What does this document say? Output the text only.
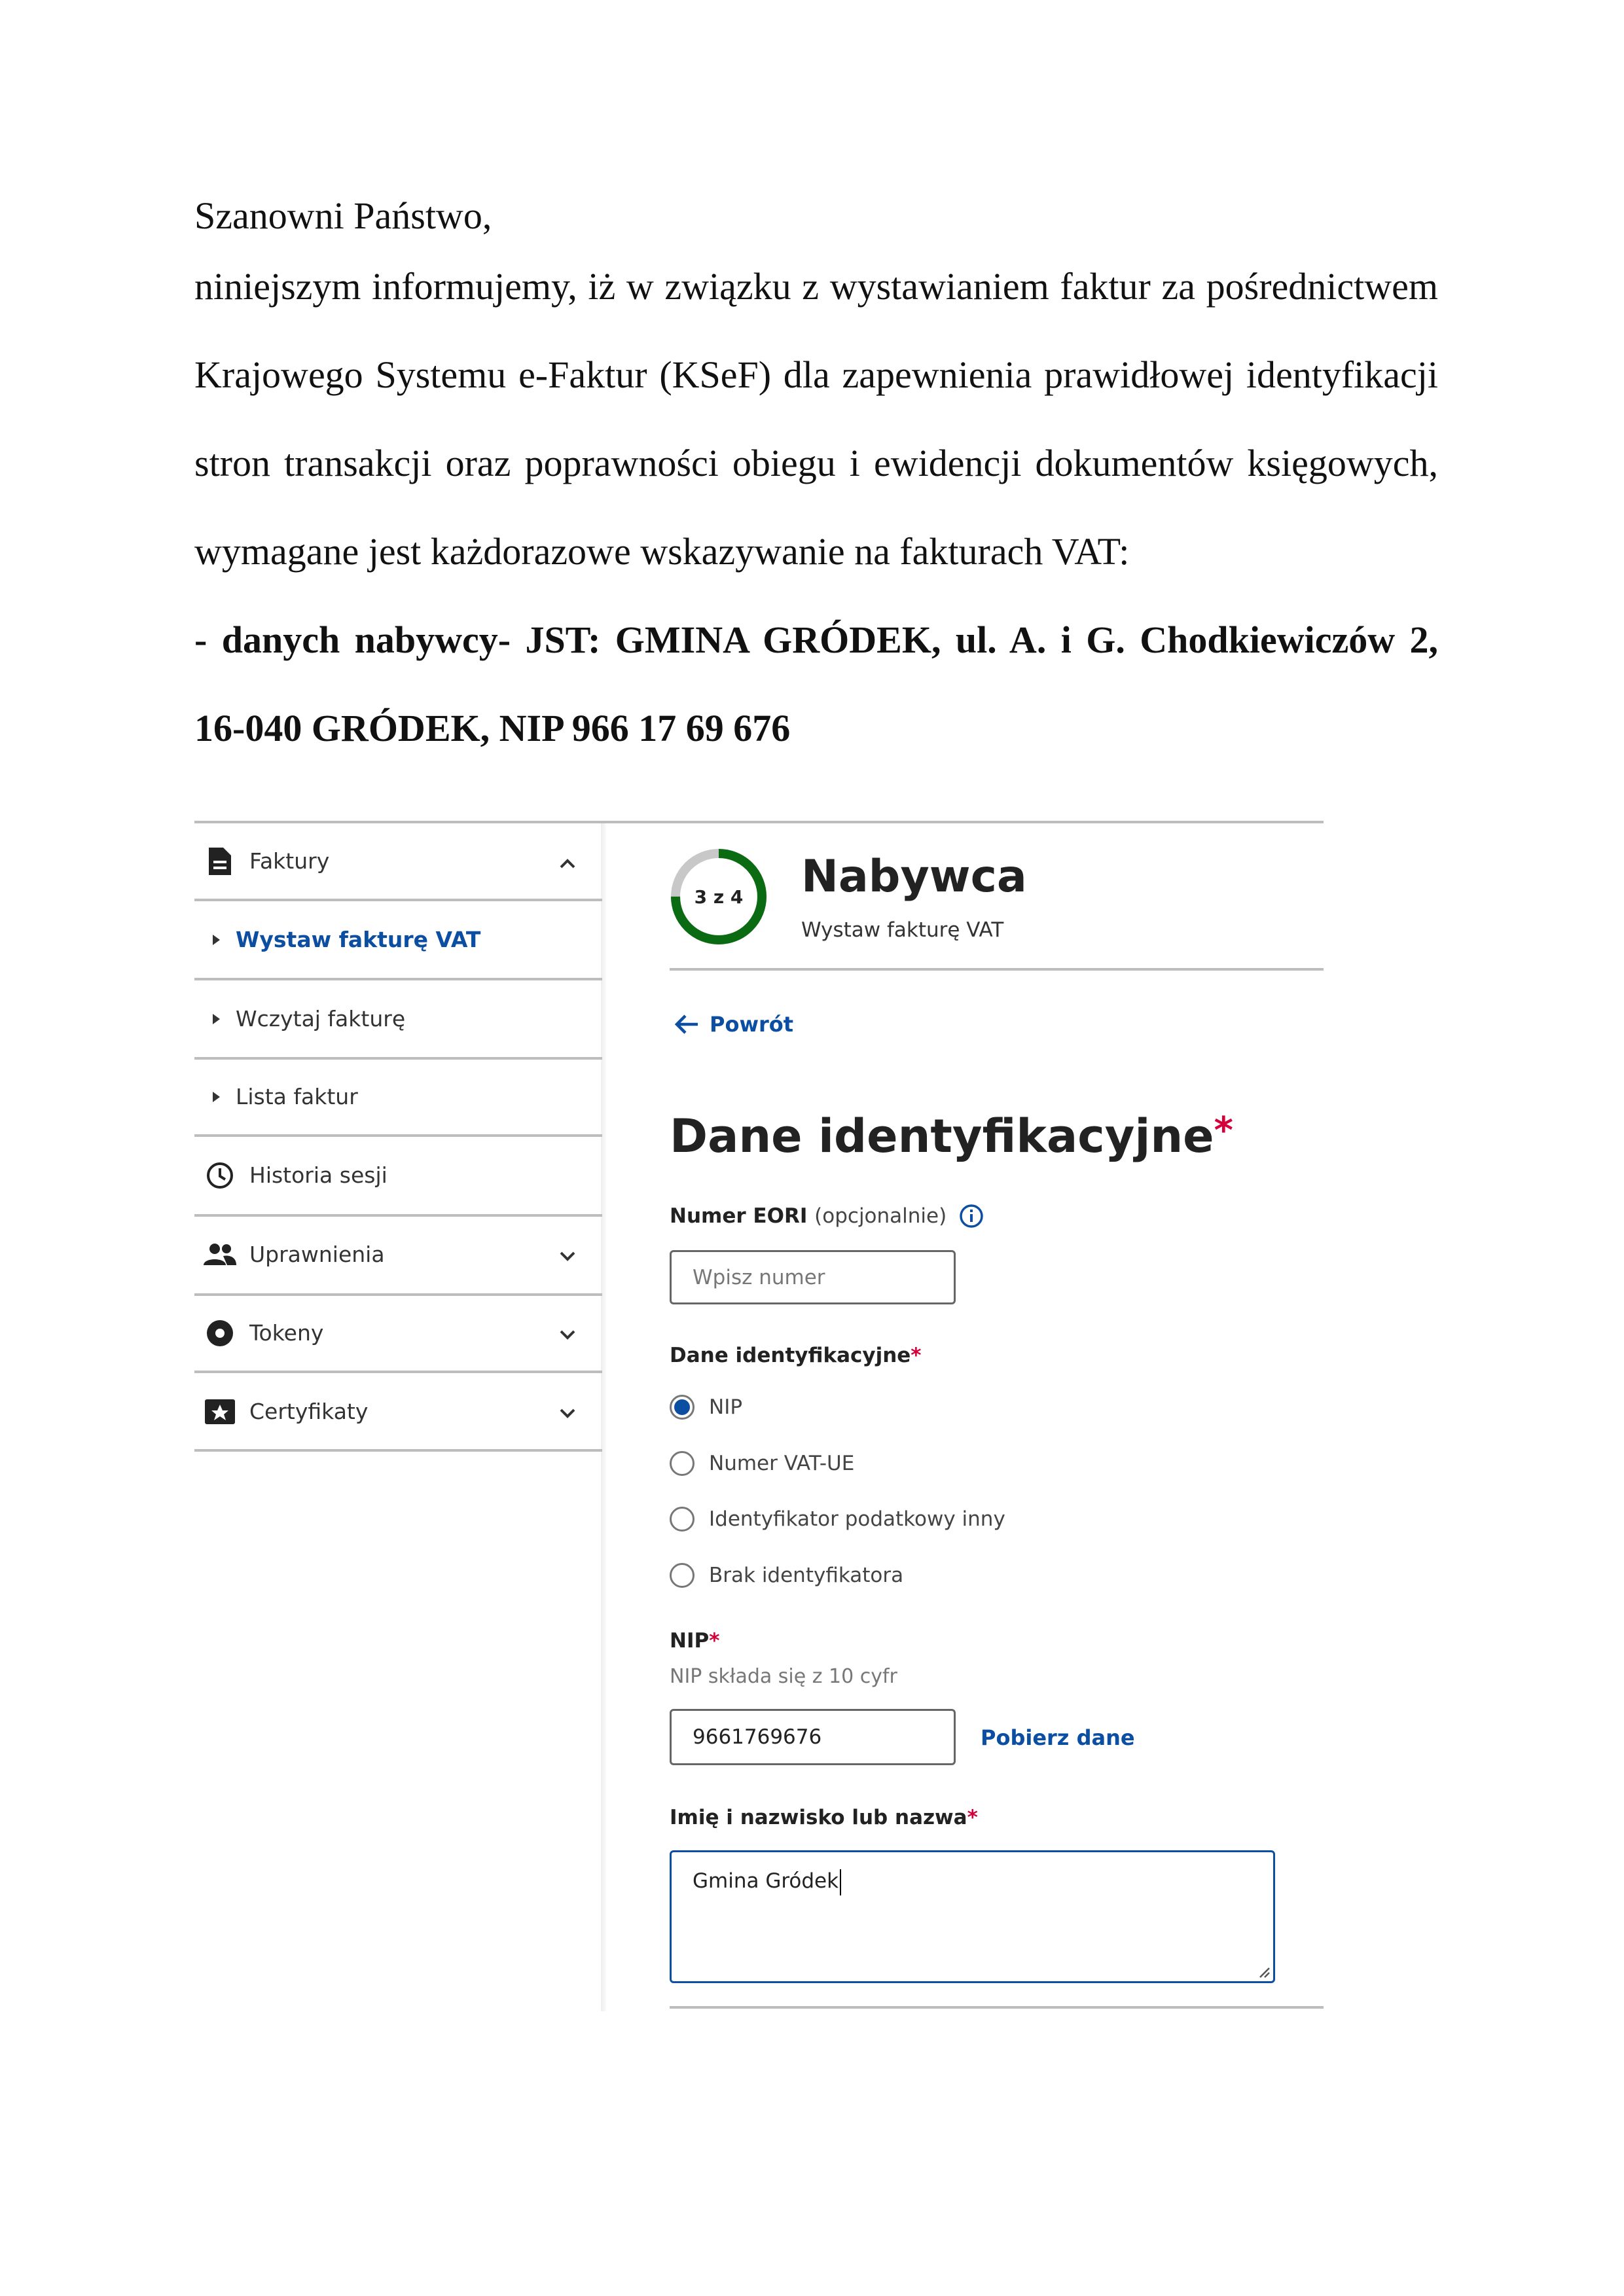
Szanowni Państwo,
niniejszym informujemy, iż w związku z wystawianiem faktur za pośrednictwem
Krajowego Systemu e-Faktur (KSeF) dla zapewnienia prawidłowej identyfikacji
stron transakcji oraz poprawności obiegu i ewidencji dokumentów księgowych,
wymagane jest każdorazowe wskazywanie na fakturach VAT:
- danych nabywcy- JST: GMINA GRÓDEK, ul. A. i G. Chodkiewiczów 2,
16-040 GRÓDEK, NIP 966 17 69 676
Faktury
Wystaw fakturę VAT
Wczytaj fakturę
Lista faktur
Historia sesji
Uprawnienia
Tokeny
Certyfikaty
3 z 4	Nabywca
Wystaw fakturę VAT
Powrót
Dane identyfikacyjne*
Numer EORI
(opcjonalnie)
Wpisz numer
Dane identyfikacyjne*
NIP
Numer VAT-UE
Identyfikator podatkowy inny
Brak identyfikatora
NIP*
NIP składa się z 10 cyfr
9661769676	Pobierz dane
Imię i nazwisko lub nazwa*
Gmina Gródek
